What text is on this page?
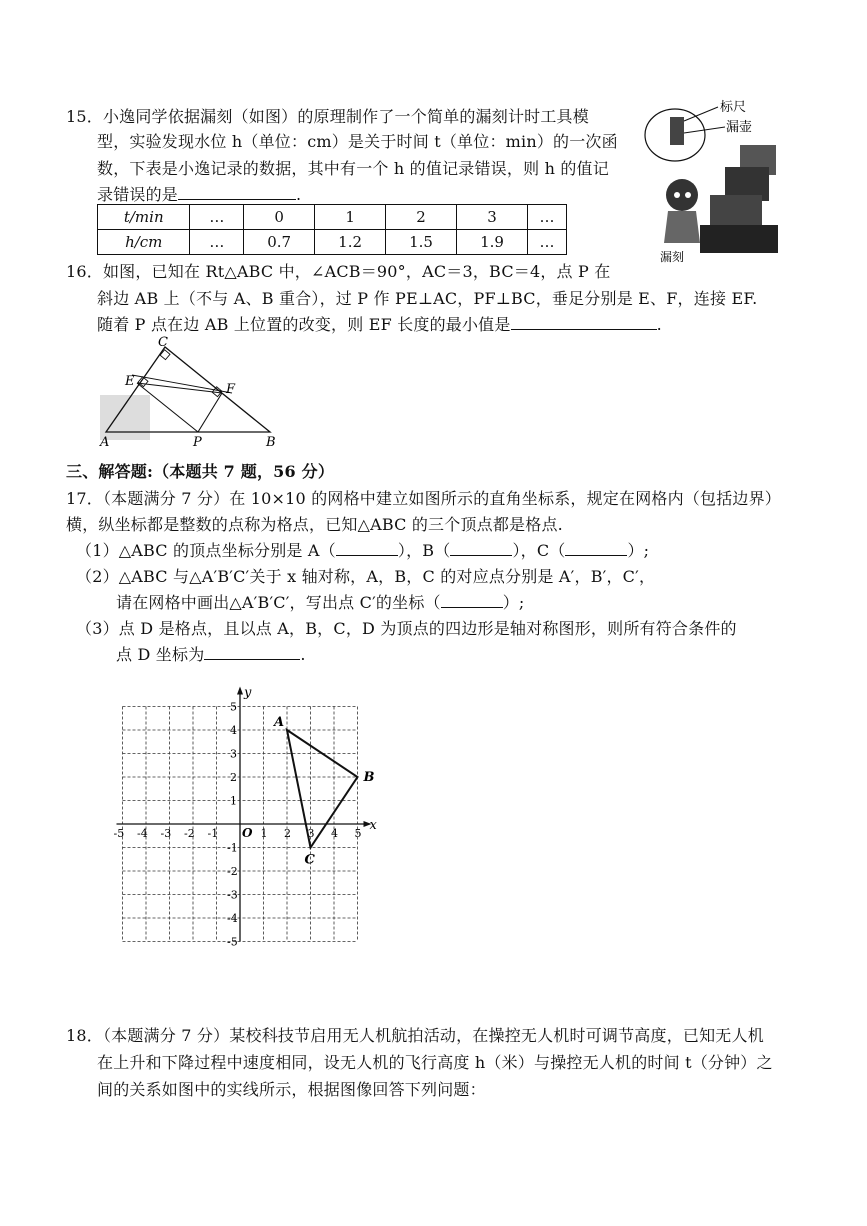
15．小逸同学依据漏刻（如图）的原理制作了一个简单的漏刻计时工具模
型，实验发现水位 h（单位：cm）是关于时间 t（单位：min）的一次函
数，下表是小逸记录的数据，其中有一个 h 的值记录错误，则 h 的值记
录错误的是	.
t/min	…	0	1	2	3	…
h/cm	…	0.7	1.2	1.5	1.9	…
标尺
漏壶
漏刻
16．如图，已知在 Rt△ABC 中，∠ACB＝90°，AC＝3，BC＝4，点 P 在
斜边 AB 上（不与 A、B 重合），过 P 作 PE⊥AC，PF⊥BC，垂足分别是 E、F，连接 EF.
随着 P 点在边 AB 上位置的改变，则 EF 长度的最小值是	.
C
E
F
A	P	B
三、解答题:（本题共 7 题，56 分）
17．（本题满分 7 分）在 10×10 的网格中建立如图所示的直角坐标系，规定在网格内（包括边界）
横，纵坐标都是整数的点称为格点，已知△ABC 的三个顶点都是格点.
（1）△ABC 的顶点坐标分别是 A（	），B（	），C（	）;
（2）△ABC 与△A′B′C′关于 x 轴对称，A，B，C 的对应点分别是 A′，B′，C′，
请在网格中画出△A′B′C′，写出点 C′的坐标（	）;
（3）点 D 是格点，且以点 A，B，C，D 为顶点的四边形是轴对称图形，则所有符合条件的
点 D 坐标为	.
x
y
O
-5 -4 -3 -2 -1	1 2 3 4 5
5
4
3
2
1
-1
-2
-3
-4
-5
A
B
C
18．（本题满分 7 分）某校科技节启用无人机航拍活动，在操控无人机时可调节高度，已知无人机
在上升和下降过程中速度相同，设无人机的飞行高度 h（米）与操控无人机的时间 t（分钟）之
间的关系如图中的实线所示，根据图像回答下列问题：
